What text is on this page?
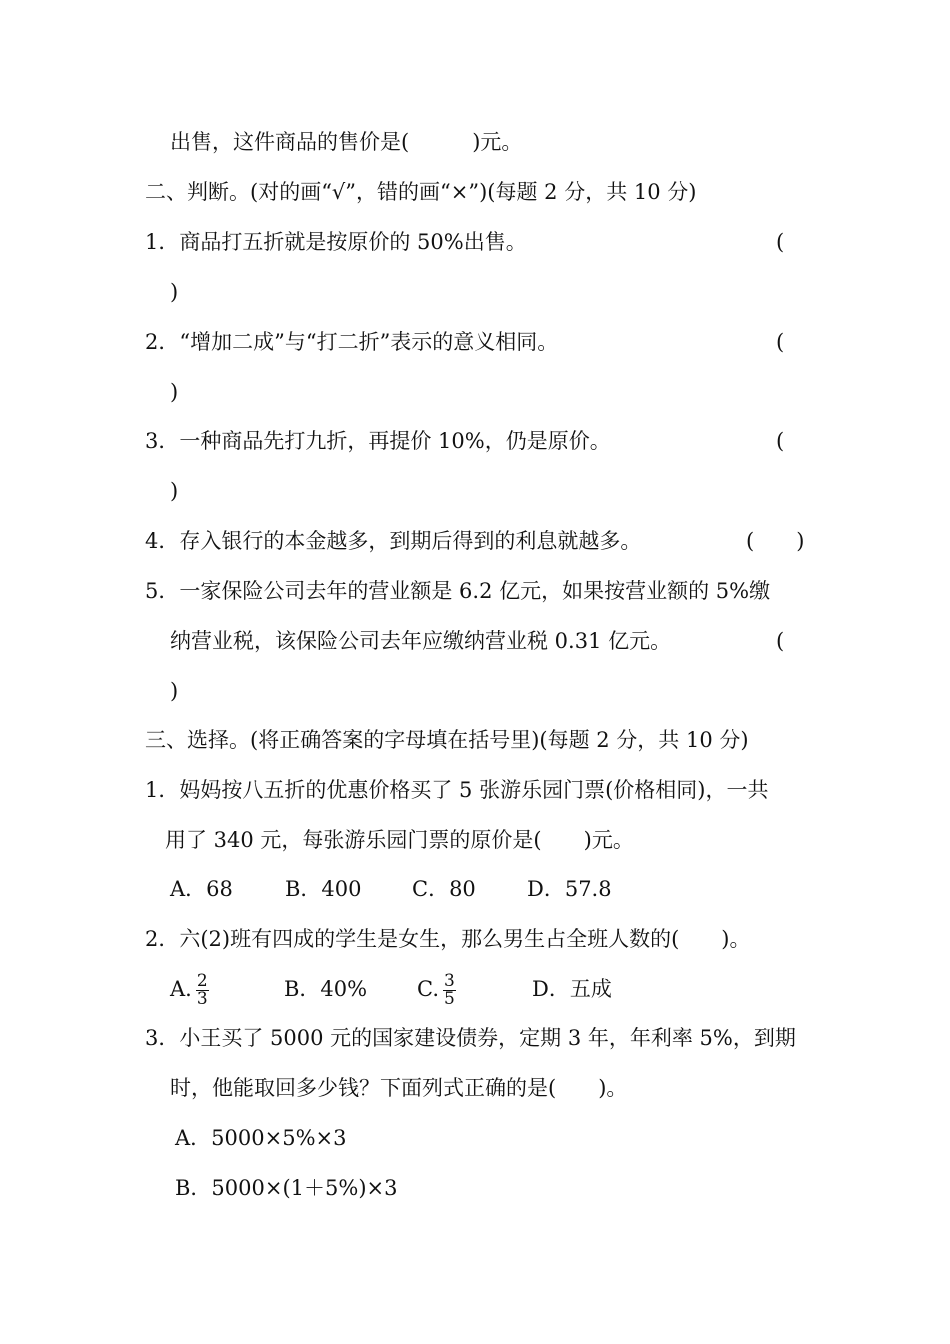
出售，这件商品的售价是(　　　)元。
二、判断。(对的画“√”，错的画“×”)(每题 2 分，共 10 分)
1．商品打五折就是按原价的 50%出售。	(
)
2．“增加二成”与“打二折”表示的意义相同。	(
)
3．一种商品先打九折，再提价 10%，仍是原价。	(
)
4．存入银行的本金越多，到期后得到的利息就越多。	(　　)
5．一家保险公司去年的营业额是 6.2 亿元，如果按营业额的 5%缴
纳营业税，该保险公司去年应缴纳营业税 0.31 亿元。	(
)
三、选择。(将正确答案的字母填在括号里)(每题 2 分，共 10 分)
1．妈妈按八五折的优惠价格买了 5 张游乐园门票(价格相同)，一共
用了 340 元，每张游乐园门票的原价是(　　)元。
A．68 B．400 C．80 D．57.8
2．六(2)班有四成的学生是女生，那么男生占全班人数的(　　)。
A. $\frac{2}{3}$	B．40% C. $\frac{3}{5}$	D．五成
3．小王买了 5000 元的国家建设债券，定期 3 年，年利率 5%，到期
时，他能取回多少钱？下面列式正确的是(　　)。
A．5000×5%×3
B．5000×(1＋5%)×3
